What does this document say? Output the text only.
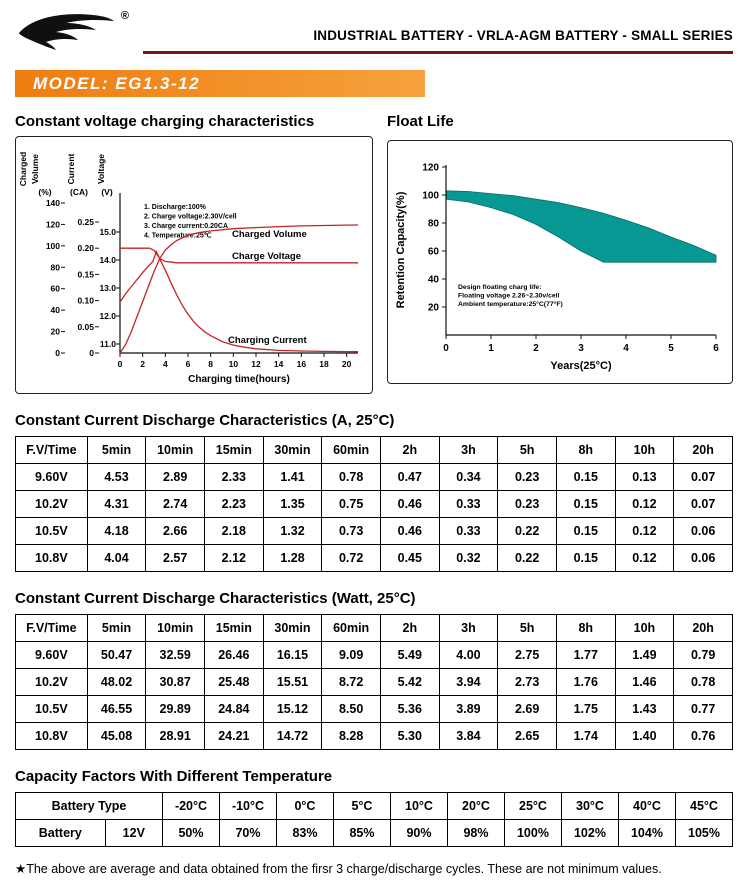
®
INDUSTRIAL BATTERY - VRLA-AGM BATTERY - SMALL SERIES
MODEL: EG1.3-12
Constant voltage charging characteristics
Charged Volume
(%)
140
120
100
80
60
40
20
0
Current
(CA)
0.25
0.20
0.15
0.10
0.05
0
Voltage
(V)
15.0
14.0
13.0
12.0
11.0
0 2 4 6 8 10 12 14 16 18 20
Charging time(hours)
1. Discharge:100%
2. Charge voltage:2.30V/cell
3. Charge current:0.20CA
4. Temperature:25℃ Charged Volume
Charge Voltage
Charging Current
Float Life
120
100
80
60
40
20
0	1	2	3	4	5	6
Retention Capacity(%)
Years(25°C)
Design floating charg life:
Floating voltage 2.26~2.30v/cell
Ambient temperature:25°C(77°F)
Constant Current Discharge Characteristics (A, 25°C)
F.V/Time	5min	10min	15min	30min	60min	2h	3h	5h	8h	10h	20h
9.60V	4.53	2.89	2.33	1.41	0.78	0.47	0.34	0.23	0.15	0.13	0.07
10.2V	4.31	2.74	2.23	1.35	0.75	0.46	0.33	0.23	0.15	0.12	0.07
10.5V	4.18	2.66	2.18	1.32	0.73	0.46	0.33	0.22	0.15	0.12	0.06
10.8V	4.04	2.57	2.12	1.28	0.72	0.45	0.32	0.22	0.15	0.12	0.06
Constant Current Discharge Characteristics (Watt, 25°C)
F.V/Time	5min	10min	15min	30min	60min	2h	3h	5h	8h	10h	20h
9.60V	50.47	32.59	26.46	16.15	9.09	5.49	4.00	2.75	1.77	1.49	0.79
10.2V	48.02	30.87	25.48	15.51	8.72	5.42	3.94	2.73	1.76	1.46	0.78
10.5V	46.55	29.89	24.84	15.12	8.50	5.36	3.89	2.69	1.75	1.43	0.77
10.8V	45.08	28.91	24.21	14.72	8.28	5.30	3.84	2.65	1.74	1.40	0.76
Capacity Factors With Different Temperature
Battery Type		-20°C	-10°C	0°C	5°C	10°C	20°C	25°C	30°C	40°C	45°C
Battery	12V	50%	70%	83%	85%	90%	98%	100%	102%	104%	105%

★The above are average and data obtained from the firsr 3 charge/discharge cycles. These are not minimum values.
